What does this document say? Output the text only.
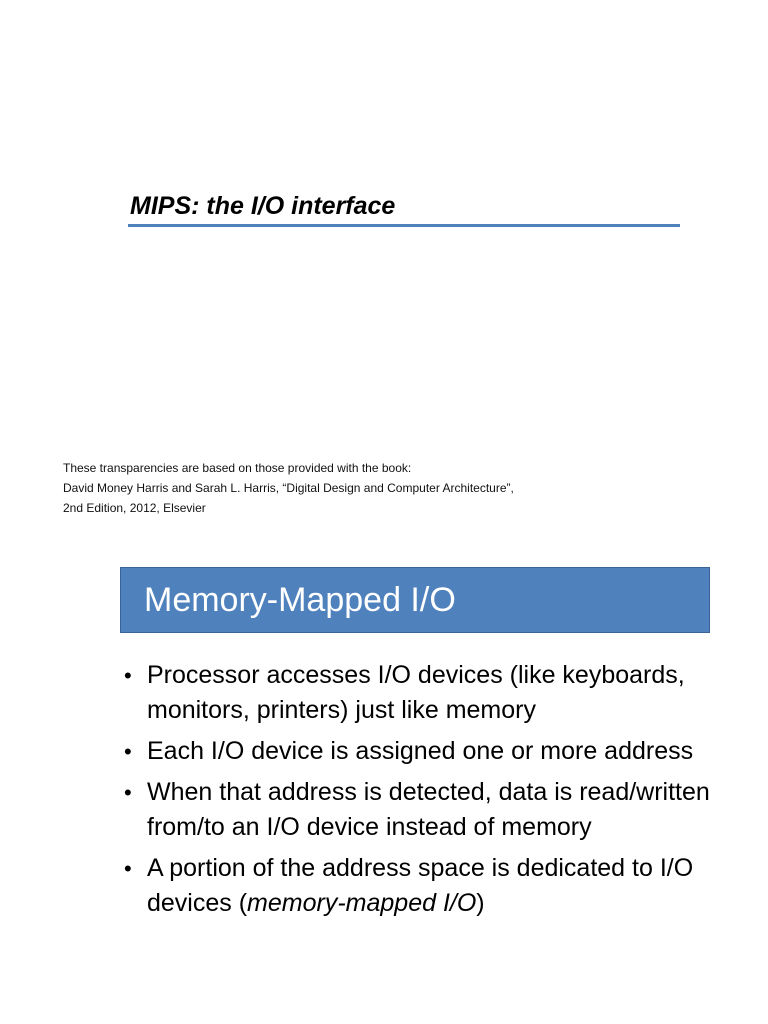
MIPS: the I/O interface
These transparencies are based on those provided with the book:
David Money Harris and Sarah L. Harris, “Digital Design and Computer Architecture”,
2nd Edition, 2012, Elsevier
Memory-Mapped I/O
• Processor accesses I/O devices (like keyboards, monitors, printers) just like memory
• Each I/O device is assigned one or more address
• When that address is detected, data is read/written from/to an I/O device instead of memory
• A portion of the address space is dedicated to I/O devices (memory-mapped I/O)
